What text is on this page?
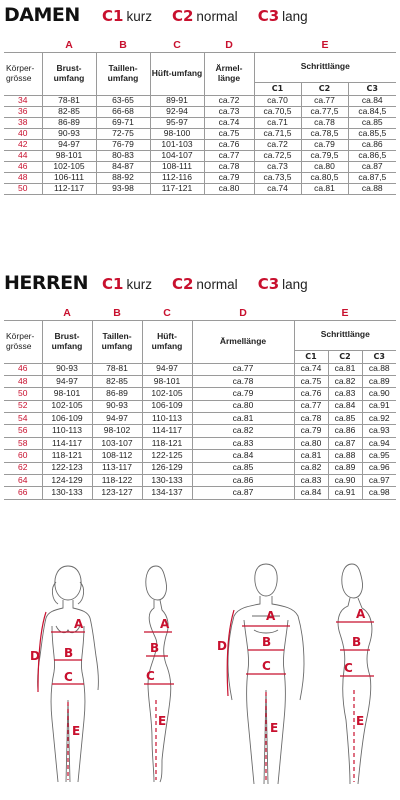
DAMEN	C1 kurz C2 normal C3 lang
	A	B	C	D	E		
Körper-grösse	Brust-umfang	Taillen-umfang	Hüft-umfang	Ärmel-länge	Schrittlänge		
					C1	C2	C3
34	78-81	63-65	89-91	ca.72	ca.70	ca.77	ca.84
36	82-85	66-68	92-94	ca.73	ca.70,5	ca.77,5	ca.84,5
38	86-89	69-71	95-97	ca.74	ca.71	ca.78	ca.85
40	90-93	72-75	98-100	ca.75	ca.71,5	ca.78,5	ca.85,5
42	94-97	76-79	101-103	ca.76	ca.72	ca.79	ca.86
44	98-101	80-83	104-107	ca.77	ca.72,5	ca.79,5	ca.86,5
46	102-105	84-87	108-111	ca.78	ca.73	ca.80	ca.87
48	106-111	88-92	112-116	ca.79	ca.73,5	ca.80,5	ca.87,5
50	112-117	93-98	117-121	ca.80	ca.74	ca.81	ca.88
HERREN C1 kurz C2 normal C3 lang
	A	B	C	D	E		
Körper-grösse	Brust-umfang	Taillen-umfang	Hüft-umfang	Ärmellänge	Schrittlänge		
					C1	C2	C3
46	90-93	78-81	94-97	ca.77	ca.74	ca.81	ca.88
48	94-97	82-85	98-101	ca.78	ca.75	ca.82	ca.89
50	98-101	86-89	102-105	ca.79	ca.76	ca.83	ca.90
52	102-105	90-93	106-109	ca.80	ca.77	ca.84	ca.91
54	106-109	94-97	110-113	ca.81	ca.78	ca.85	ca.92
56	110-113	98-102	114-117	ca.82	ca.79	ca.86	ca.93
58	114-117	103-107	118-121	ca.83	ca.80	ca.87	ca.94
60	118-121	108-112	122-125	ca.84	ca.81	ca.88	ca.95
62	122-123	113-117	126-129	ca.85	ca.82	ca.89	ca.96
64	124-129	118-122	130-133	ca.86	ca.83	ca.90	ca.97
66	130-133	123-127	134-137	ca.87	ca.84	ca.91	ca.98
A
B
C
D
E
A
B
C
E
A
B
C
D
E
A
B
C
E
